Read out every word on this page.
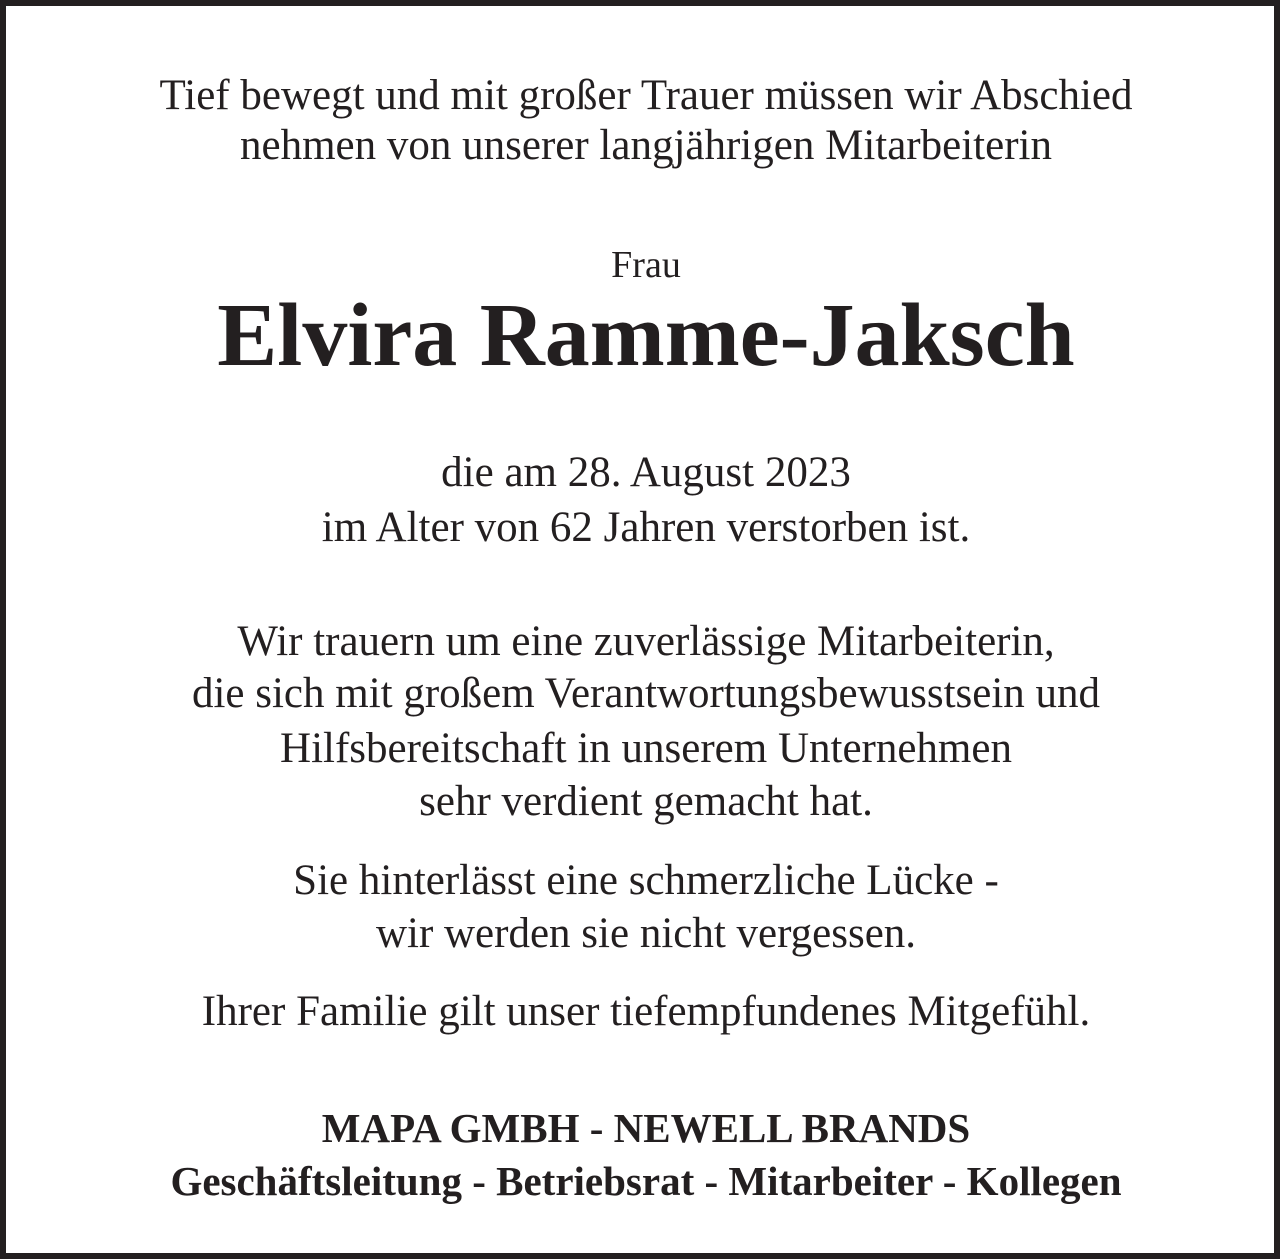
Tief bewegt und mit großer Trauer müssen wir Abschied

nehmen von unserer langjährigen Mitarbeiterin

Frau

Elvira Ramme-Jaksch

die am 28. August 2023

im Alter von 62 Jahren verstorben ist.

Wir trauern um eine zuverlässige Mitarbeiterin,

die sich mit großem Verantwortungsbewusstsein und

Hilfsbereitschaft in unserem Unternehmen

sehr verdient gemacht hat.

Sie hinterlässt eine schmerzliche Lücke -

wir werden sie nicht vergessen.

Ihrer Familie gilt unser tiefempfundenes Mitgefühl.

MAPA GMBH - NEWELL BRANDS

Geschäftsleitung - Betriebsrat - Mitarbeiter - Kollegen
